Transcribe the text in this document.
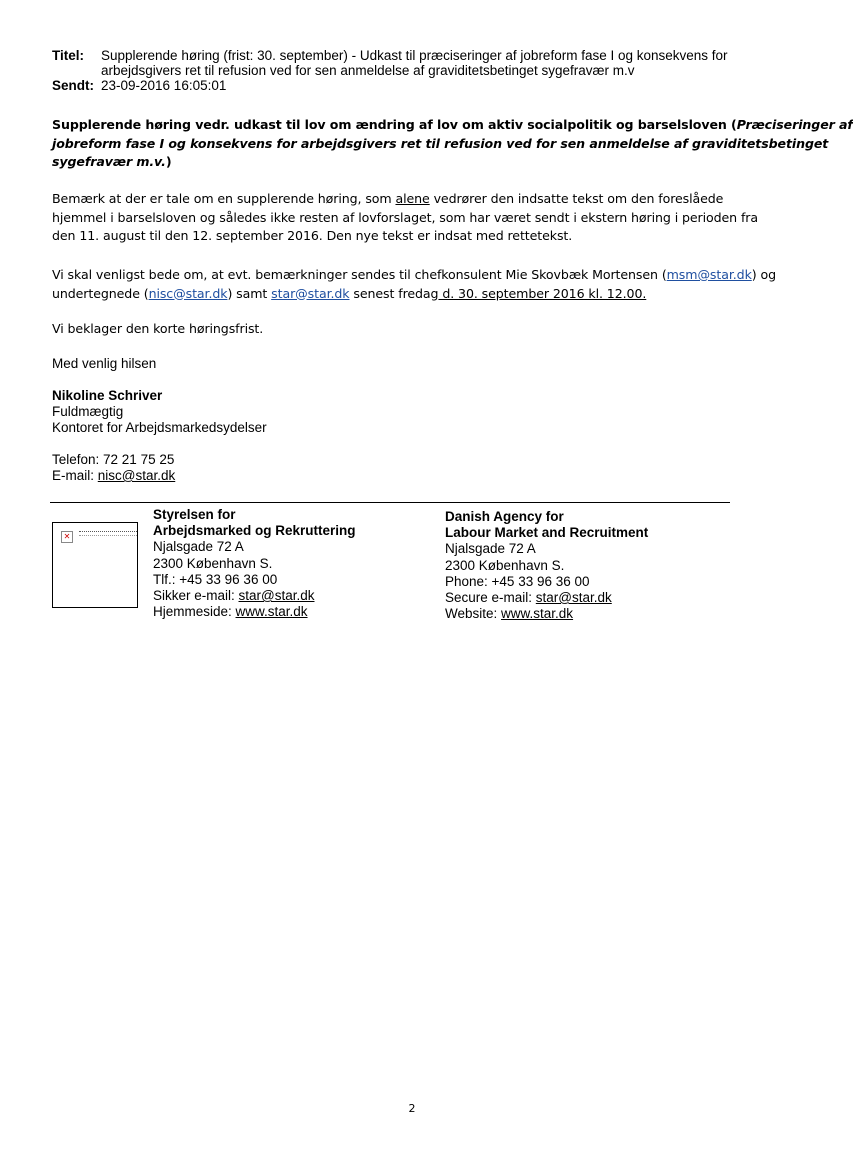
Titel: Supplerende høring (frist: 30. september) - Udkast til præciseringer af jobreform fase I og konsekvens for
arbejdsgivers ret til refusion ved for sen anmeldelse af graviditetsbetinget sygefravær m.v
Sendt: 23-09-2016 16:05:01
Supplerende høring vedr. udkast til lov om ændring af lov om aktiv socialpolitik og barselsloven (Præciseringer af
jobreform fase I og konsekvens for arbejdsgivers ret til refusion ved for sen anmeldelse af graviditetsbetinget
sygefravær m.v.)
Bemærk at der er tale om en supplerende høring, som alene vedrører den indsatte tekst om den foreslåede
hjemmel i barselsloven og således ikke resten af lovforslaget, som har været sendt i ekstern høring i perioden fra
den 11. august til den 12. september 2016. Den nye tekst er indsat med rettetekst.
Vi skal venligst bede om, at evt. bemærkninger sendes til chefkonsulent Mie Skovbæk Mortensen (msm@star.dk) og
undertegnede (nisc@star.dk) samt star@star.dk senest fredag d. 30. september 2016 kl. 12.00.
Vi beklager den korte høringsfrist.
Med venlig hilsen
Nikoline Schriver
Fuldmægtig
Kontoret for Arbejdsmarkedsydelser
Telefon: 72 21 75 25
E-mail: nisc@star.dk
✕
Styrelsen for
Arbejdsmarked og Rekruttering
Njalsgade 72 A
2300 København S.
Tlf.: +45 33 96 36 00
Sikker e-mail: star@star.dk
Hjemmeside: www.star.dk
Danish Agency for
Labour Market and Recruitment
Njalsgade 72 A
2300 København S.
Phone: +45 33 96 36 00
Secure e-mail: star@star.dk
Website: www.star.dk
2
